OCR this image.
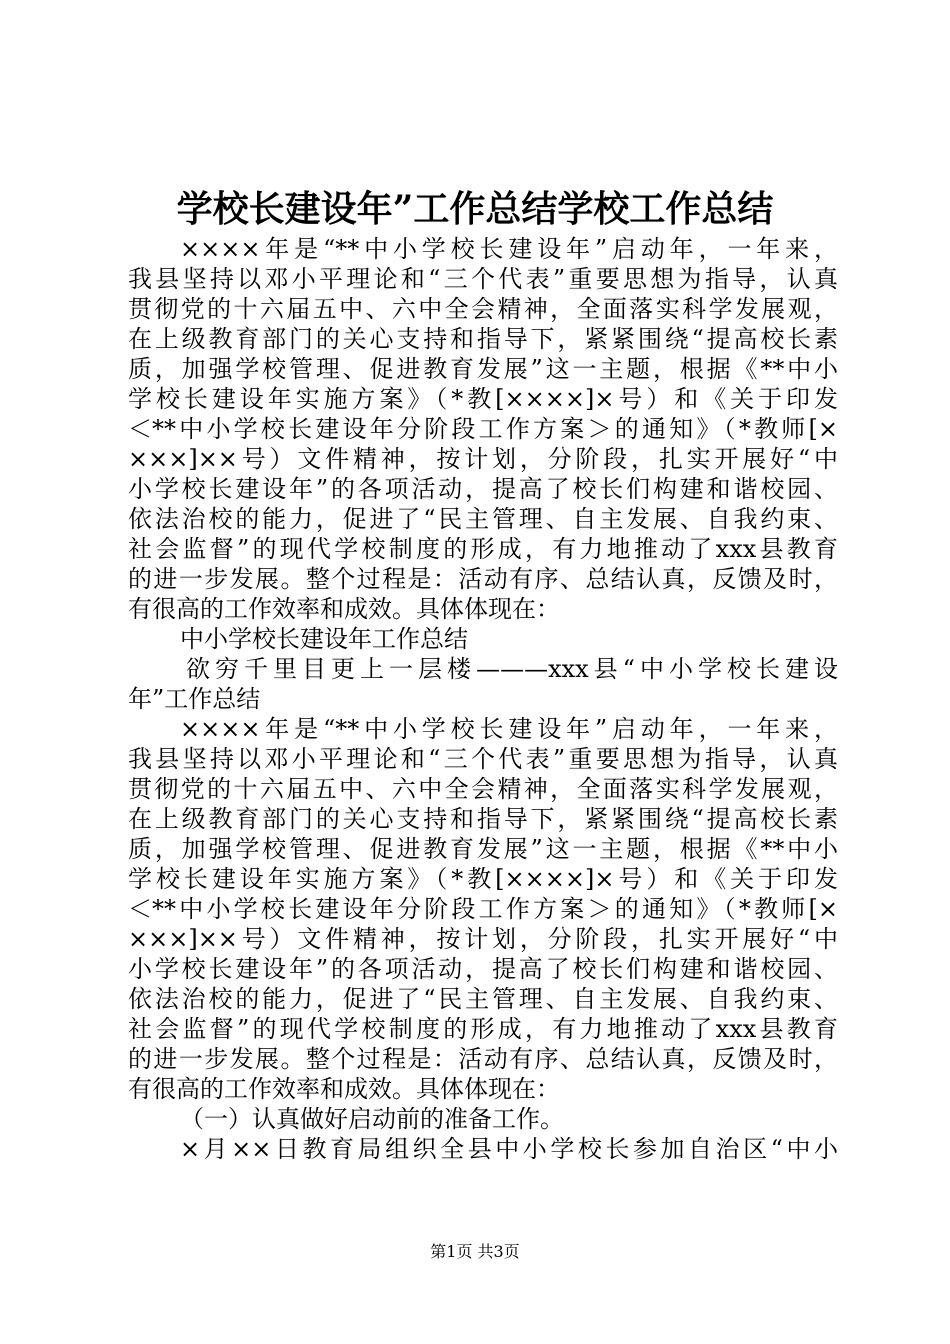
学校长建设年”工作总结学校工作总结
××××年是“**中小学校长建设年”启动年，一年来，
我县坚持以邓小平理论和“三个代表”重要思想为指导，认真
贯彻党的十六届五中、六中全会精神，全面落实科学发展观，
在上级教育部门的关心支持和指导下，紧紧围绕“提高校长素
质，加强学校管理、促进教育发展”这一主题，根据《**中小
学校长建设年实施方案》（*教[××××]×号）和《关于印发
＜**中小学校长建设年分阶段工作方案＞的通知》（*教师[×
×××]××号）文件精神，按计划，分阶段，扎实开展好“中
小学校长建设年”的各项活动，提高了校长们构建和谐校园、
依法治校的能力，促进了“民主管理、自主发展、自我约束、
社会监督”的现代学校制度的形成，有力地推动了xxx县教育
的进一步发展。整个过程是：活动有序、总结认真，反馈及时，
有很高的工作效率和成效。具体体现在：
中小学校长建设年工作总结
欲穷千里目更上一层楼———xxx县“中小学校长建设
年”工作总结
××××年是“**中小学校长建设年”启动年，一年来，
我县坚持以邓小平理论和“三个代表”重要思想为指导，认真
贯彻党的十六届五中、六中全会精神，全面落实科学发展观，
在上级教育部门的关心支持和指导下，紧紧围绕“提高校长素
质，加强学校管理、促进教育发展”这一主题，根据《**中小
学校长建设年实施方案》（*教[××××]×号）和《关于印发
＜**中小学校长建设年分阶段工作方案＞的通知》（*教师[×
×××]××号）文件精神，按计划，分阶段，扎实开展好“中
小学校长建设年”的各项活动，提高了校长们构建和谐校园、
依法治校的能力，促进了“民主管理、自主发展、自我约束、
社会监督”的现代学校制度的形成，有力地推动了xxx县教育
的进一步发展。整个过程是：活动有序、总结认真，反馈及时，
有很高的工作效率和成效。具体体现在：
（一）认真做好启动前的准备工作。
×月××日教育局组织全县中小学校长参加自治区“中小
第1页 共3页
